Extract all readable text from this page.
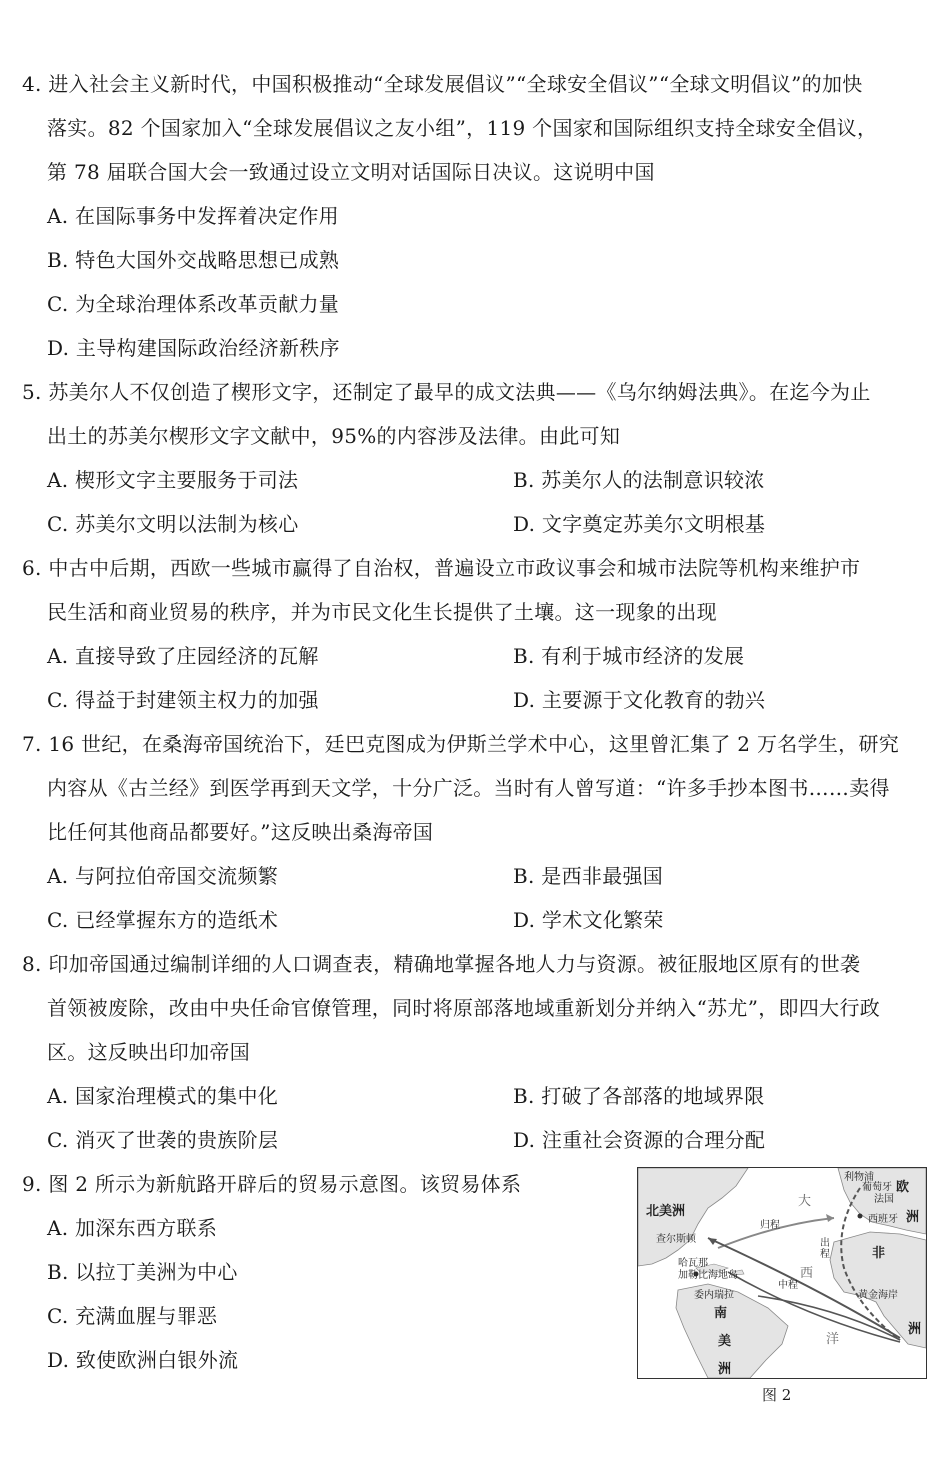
4. 进入社会主义新时代，中国积极推动“全球发展倡议”“全球安全倡议”“全球文明倡议”的加快
落实。82 个国家加入“全球发展倡议之友小组”，119 个国家和国际组织支持全球安全倡议，
第 78 届联合国大会一致通过设立文明对话国际日决议。这说明中国
A. 在国际事务中发挥着决定作用
B. 特色大国外交战略思想已成熟
C. 为全球治理体系改革贡献力量
D. 主导构建国际政治经济新秩序
5. 苏美尔人不仅创造了楔形文字，还制定了最早的成文法典——《乌尔纳姆法典》。在迄今为止
出土的苏美尔楔形文字文献中，95%的内容涉及法律。由此可知
A. 楔形文字主要服务于司法	B. 苏美尔人的法制意识较浓
C. 苏美尔文明以法制为核心	D. 文字奠定苏美尔文明根基
6. 中古中后期，西欧一些城市赢得了自治权，普遍设立市政议事会和城市法院等机构来维护市
民生活和商业贸易的秩序，并为市民文化生长提供了土壤。这一现象的出现
A. 直接导致了庄园经济的瓦解	B. 有利于城市经济的发展
C. 得益于封建领主权力的加强	D. 主要源于文化教育的勃兴
7. 16 世纪，在桑海帝国统治下，廷巴克图成为伊斯兰学术中心，这里曾汇集了 2 万名学生，研究
内容从《古兰经》到医学再到天文学，十分广泛。当时有人曾写道：“许多手抄本图书……卖得
比任何其他商品都要好。”这反映出桑海帝国
A. 与阿拉伯帝国交流频繁	B. 是西非最强国
C. 已经掌握东方的造纸术	D. 学术文化繁荣
8. 印加帝国通过编制详细的人口调查表，精确地掌握各地人力与资源。被征服地区原有的世袭
首领被废除，改由中央任命官僚管理，同时将原部落地域重新划分并纳入“苏尤”，即四大行政
区。这反映出印加帝国
A. 国家治理模式的集中化	B. 打破了各部落的地域界限
C. 消灭了世袭的贵族阶层	D. 注重社会资源的合理分配
9. 图 2 所示为新航路开辟后的贸易示意图。该贸易体系
A. 加深东西方联系
B. 以拉丁美洲为中心
C. 充满血腥与罪恶
D. 致使欧洲白银外流
北美洲
南
美
洲
大
西
洋
欧
洲
非
洲
利物浦
葡萄牙
法国
西班牙
查尔斯顿
哈瓦那
加勒比海地岛
委内瑞拉	黄金海岸
归程
中程
出程
图 2
